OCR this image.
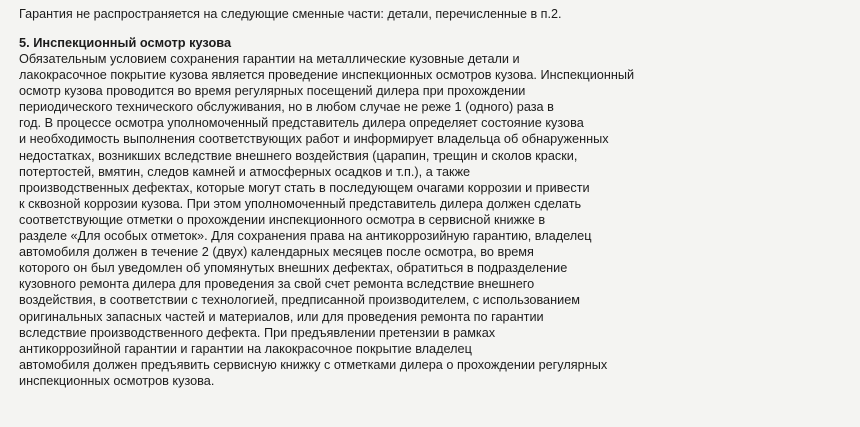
Гарантия не распространяется на следующие сменные части: детали, перечисленные в п.2.

5. Инспекционный осмотр кузова
Обязательным условием сохранения гарантии на металлические кузовные детали и
лакокрасочное покрытие кузова является проведение инспекционных осмотров кузова. Инспекционный
осмотр кузова проводится во время регулярных посещений дилера при прохождении
периодического технического обслуживания, но в любом случае не реже 1 (одного) раза в
год. В процессе осмотра уполномоченный представитель дилера определяет состояние кузова
и необходимость выполнения соответствующих работ и информирует владельца об обнаруженных
недостатках, возникших вследствие внешнего воздействия (царапин, трещин и сколов краски,
потертостей, вмятин, следов камней и атмосферных осадков и т.п.), а также
производственных дефектах, которые могут стать в последующем очагами коррозии и привести
к сквозной коррозии кузова. При этом уполномоченный представитель дилера должен сделать
соответствующие отметки о прохождении инспекционного осмотра в сервисной книжке в
разделе «Для особых отметок». Для сохранения права на антикоррозийную гарантию, владелец
автомобиля должен в течение 2 (двух) календарных месяцев после осмотра, во время
которого он был уведомлен об упомянутых внешних дефектах, обратиться в подразделение
кузовного ремонта дилера для проведения за свой счет ремонта вследствие внешнего
воздействия, в соответствии с технологией, предписанной производителем, с использованием
оригинальных запасных частей и материалов, или для проведения ремонта по гарантии
вследствие производственного дефекта. При предъявлении претензии в рамках
антикоррозийной гарантии и гарантии на лакокрасочное покрытие владелец
автомобиля должен предъявить сервисную книжку с отметками дилера о прохождении регулярных
инспекционных осмотров кузова.
